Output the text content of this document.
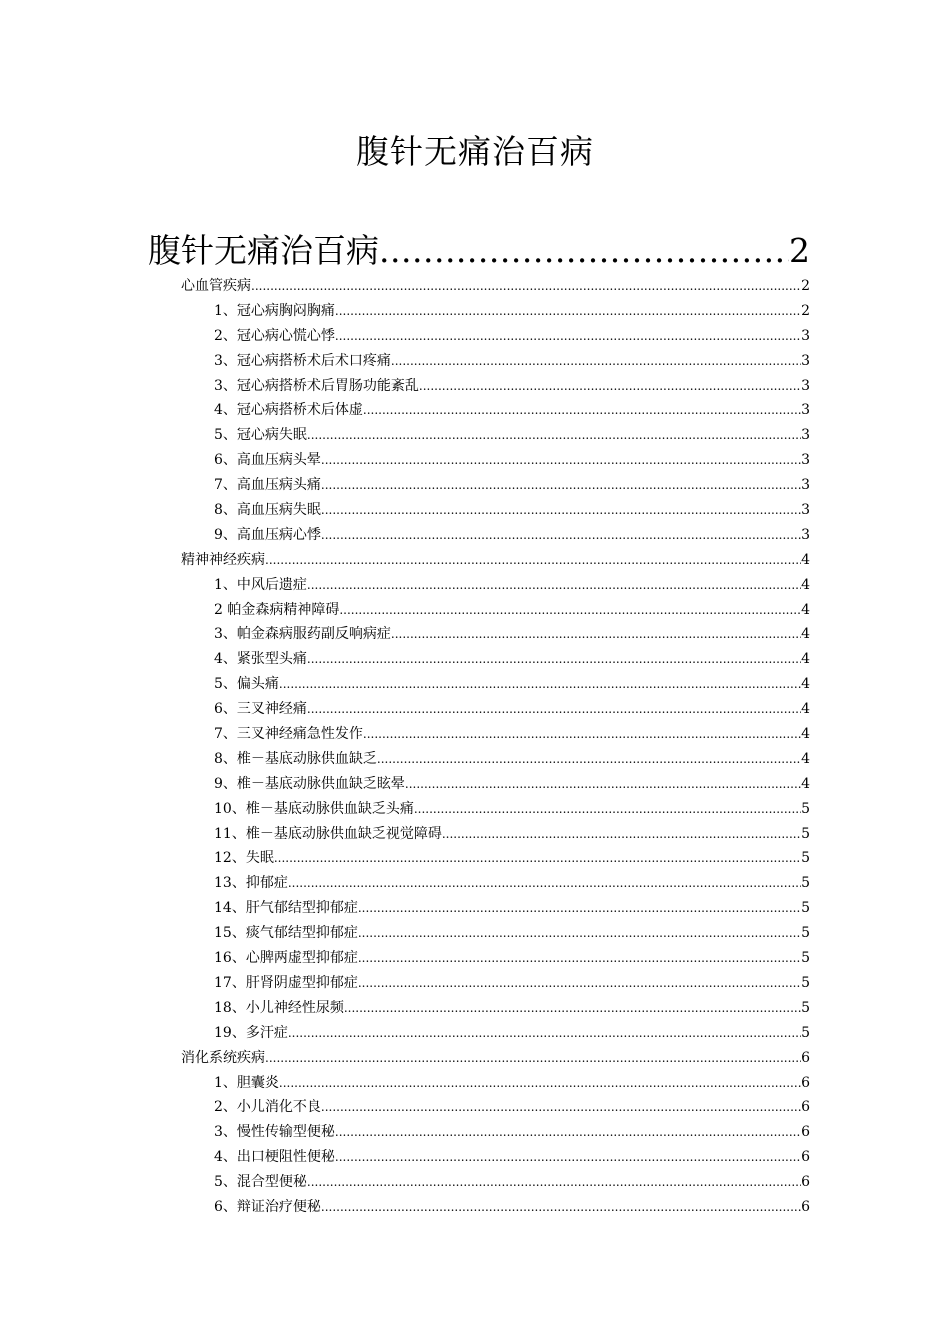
腹针无痛治百病
腹针无痛治百病 .....	2
心血管疾病 .....	2
1、冠心病胸闷胸痛 .....	2
2、冠心病心慌心悸 .....	3
3、冠心病搭桥术后术口疼痛 .....	3
3、冠心病搭桥术后胃肠功能紊乱 .....	3
4、冠心病搭桥术后体虚 .....	3
5、冠心病失眠 .....	3
6、高血压病头晕 .....	3
7、高血压病头痛 .....	3
8、高血压病失眠 .....	3
9、高血压病心悸 .....	3
精神神经疾病 .....	4
1、中风后遗症 .....	4
2 帕金森病精神障碍 .....	4
3、帕金森病服药副反响病症 .....	4
4、紧张型头痛 .....	4
5、偏头痛 .....	4
6、三叉神经痛 .....	4
7、三叉神经痛急性发作 .....	4
8、椎－基底动脉供血缺乏 .....	4
9、椎－基底动脉供血缺乏眩晕 .....	4
10、椎－基底动脉供血缺乏头痛 .....	5
11、椎－基底动脉供血缺乏视觉障碍 .....	5
12、失眠 .....	5
13、抑郁症 .....	5
14、肝气郁结型抑郁症 .....	5
15、痰气郁结型抑郁症 .....	5
16、心脾两虚型抑郁症 .....	5
17、肝肾阴虚型抑郁症 .....	5
18、小儿神经性尿频 .....	5
19、多汗症 .....	5
消化系统疾病 .....	6
1、胆囊炎 .....	6
2、小儿消化不良 .....	6
3、慢性传输型便秘 .....	6
4、出口梗阻性便秘 .....	6
5、混合型便秘 .....	6
6、辩证治疗便秘 .....	6
